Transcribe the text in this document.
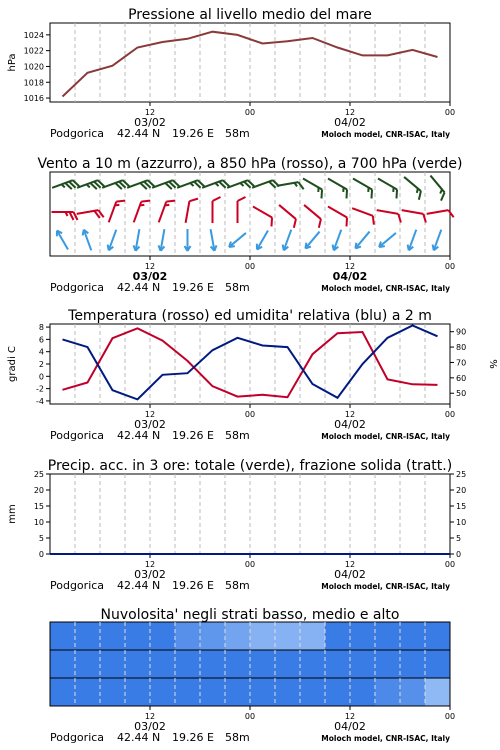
Pressione al livello medio del mare
12	00	12	00
03/02	04/02
Podgorica 42.44 N 19.26 E 58m	Moloch model, CNR-ISAC, Italy
1016
1018
1020
1022
1024
hPa
Vento a 10 m (azzurro), a 850 hPa (rosso), a 700 hPa (verde)
12	00	12	00
03/02	04/02
Podgorica 42.44 N 19.26 E 58m	Moloch model, CNR-ISAC, Italy
Temperatura (rosso) ed umidita' relativa (blu) a 2 m
12	00	12	00
03/02	04/02
Podgorica 42.44 N 19.26 E 58m	Moloch model, CNR-ISAC, Italy
-4
-2
0
2
4
6
8
50
60
70
80
90
gradi C	%
Precip. acc. in 3 ore: totale (verde), frazione solida (tratt.)
12	00	12	00
03/02	04/02
Podgorica 42.44 N 19.26 E 58m	Moloch model, CNR-ISAC, Italy
0
5
10
15
20
25
0
5
10
15
20
25
mm
Nuvolosita' negli strati basso, medio e alto
12	00	12	00
03/02	04/02
Podgorica 42.44 N 19.26 E 58m	Moloch model, CNR-ISAC, Italy
